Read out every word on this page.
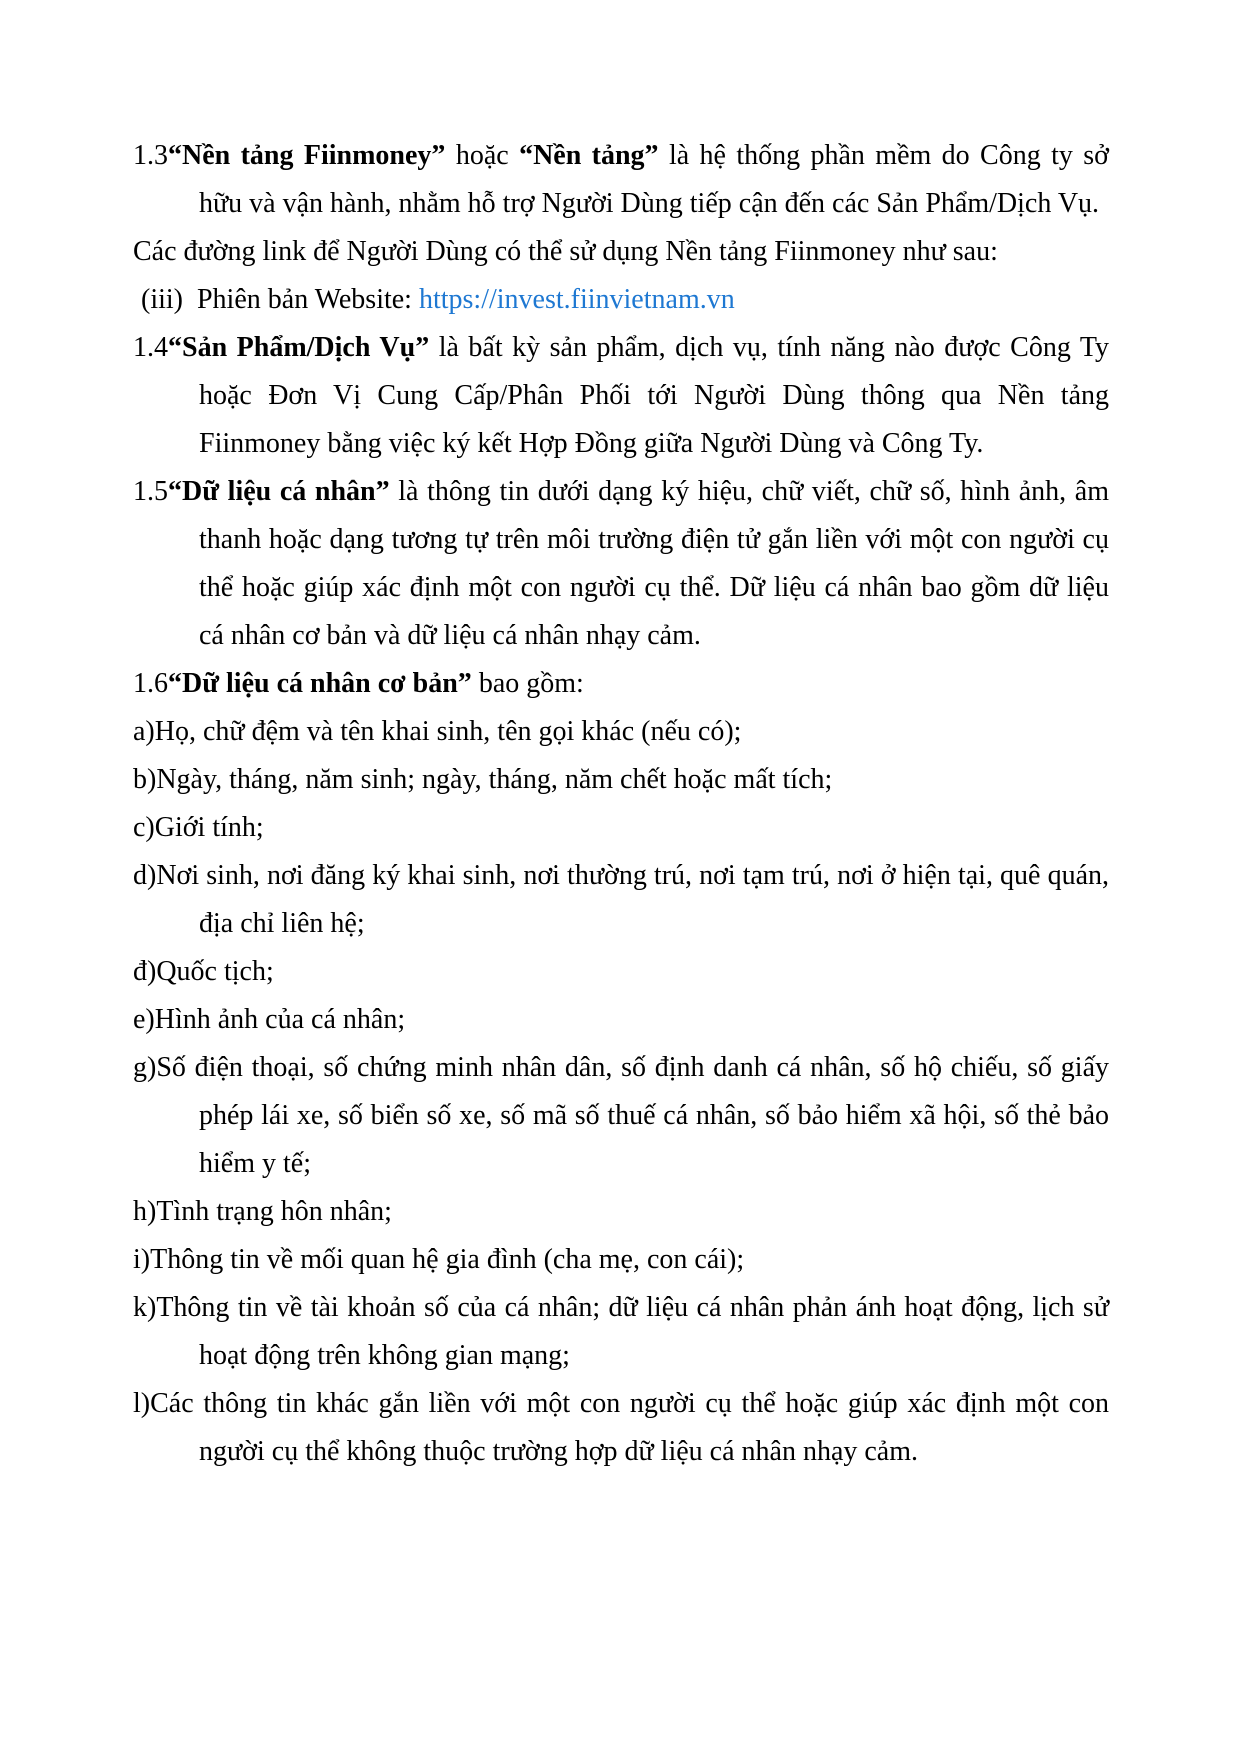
1.3“Nền tảng Fiinmoney” hoặc “Nền tảng” là hệ thống phần mềm do Công ty sở hữu và vận hành, nhằm hỗ trợ Người Dùng tiếp cận đến các Sản Phẩm/Dịch Vụ.

Các đường link để Người Dùng có thể sử dụng Nền tảng Fiinmoney như sau:

(iii) Phiên bản Website: https://invest.fiinvietnam.vn

1.4“Sản Phẩm/Dịch Vụ” là bất kỳ sản phẩm, dịch vụ, tính năng nào được Công Ty hoặc Đơn Vị Cung Cấp/Phân Phối tới Người Dùng thông qua Nền tảng Fiinmoney bằng việc ký kết Hợp Đồng giữa Người Dùng và Công Ty.

1.5“Dữ liệu cá nhân” là thông tin dưới dạng ký hiệu, chữ viết, chữ số, hình ảnh, âm thanh hoặc dạng tương tự trên môi trường điện tử gắn liền với một con người cụ thể hoặc giúp xác định một con người cụ thể. Dữ liệu cá nhân bao gồm dữ liệu cá nhân cơ bản và dữ liệu cá nhân nhạy cảm.

1.6“Dữ liệu cá nhân cơ bản” bao gồm:

a)Họ, chữ đệm và tên khai sinh, tên gọi khác (nếu có);

b)Ngày, tháng, năm sinh; ngày, tháng, năm chết hoặc mất tích;

c)Giới tính;

d)Nơi sinh, nơi đăng ký khai sinh, nơi thường trú, nơi tạm trú, nơi ở hiện tại, quê quán, địa chỉ liên hệ;

đ)Quốc tịch;

e)Hình ảnh của cá nhân;

g)Số điện thoại, số chứng minh nhân dân, số định danh cá nhân, số hộ chiếu, số giấy phép lái xe, số biển số xe, số mã số thuế cá nhân, số bảo hiểm xã hội, số thẻ bảo hiểm y tế;

h)Tình trạng hôn nhân;

i)Thông tin về mối quan hệ gia đình (cha mẹ, con cái);

k)Thông tin về tài khoản số của cá nhân; dữ liệu cá nhân phản ánh hoạt động, lịch sử hoạt động trên không gian mạng;

l)Các thông tin khác gắn liền với một con người cụ thể hoặc giúp xác định một con người cụ thể không thuộc trường hợp dữ liệu cá nhân nhạy cảm.
